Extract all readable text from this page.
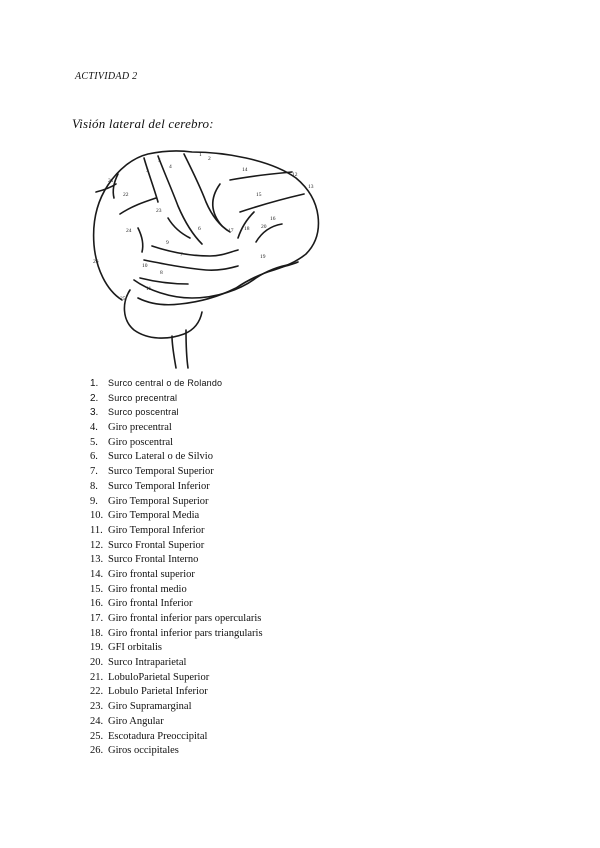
ACTIVIDAD 2
Visión lateral del cerebro:
1
2
3
4
5
6
7
8
9
10
11
12
13
14
15
16
17 18
19
20
21
22
23
24
25
26
1. Surco central o de Rolando
2. Surco precentral
3. Surco poscentral
4. Giro precentral
5. Giro poscentral
6. Surco Lateral o de Silvio
7. Surco Temporal Superior
8. Surco Temporal Inferior
9. Giro Temporal Superior
10. Giro Temporal Media
11. Giro Temporal Inferior
12. Surco Frontal Superior
13. Surco Frontal Interno
14. Giro frontal superior
15. Giro frontal medio
16. Giro frontal Inferior
17. Giro frontal inferior pars opercularis
18. Giro frontal inferior pars triangularis
19. GFI orbitalis
20. Surco Intraparietal
21. LobuloParietal Superior
22. Lobulo Parietal Inferior
23. Giro Supramarginal
24. Giro Angular
25. Escotadura Preoccipital
26. Giros occipitales
